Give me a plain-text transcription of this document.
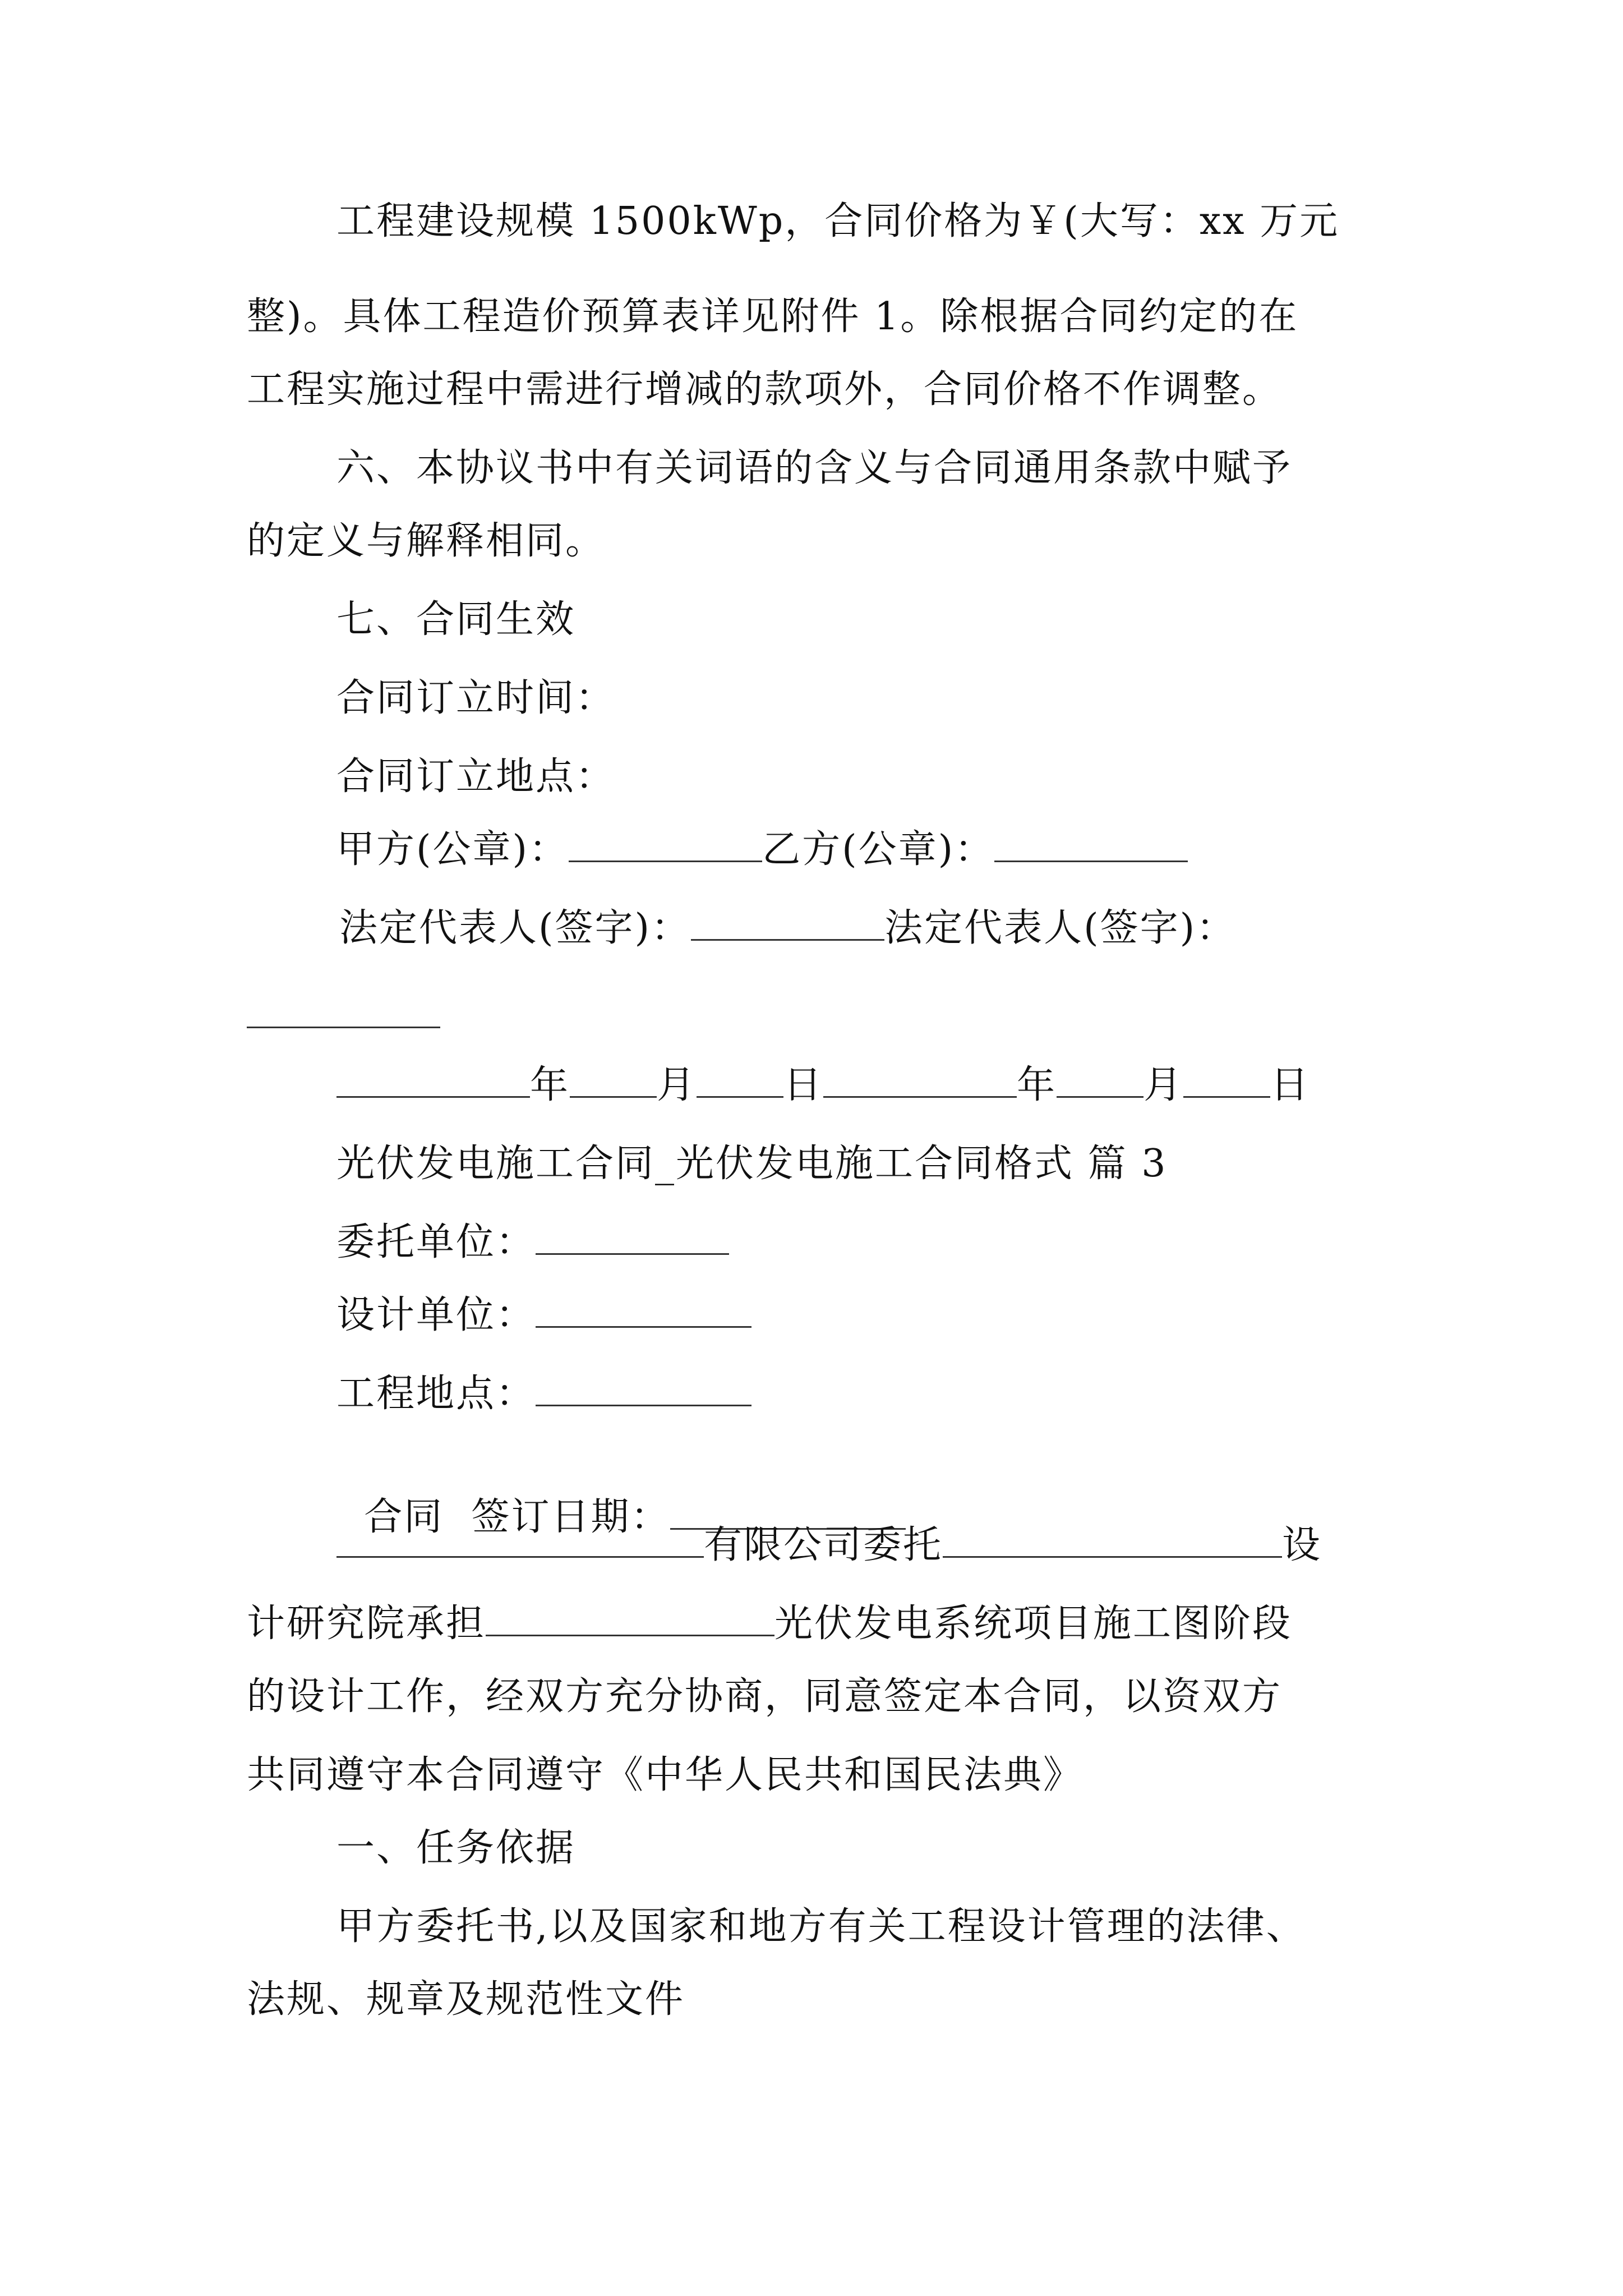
工程建设规模 1500kWp，合同价格为￥(大写：xx 万元
整)。具体工程造价预算表详见附件 1。除根据合同约定的在
工程实施过程中需进行增减的款项外，合同价格不作调整。
六、本协议书中有关词语的含义与合同通用条款中赋予
的定义与解释相同。
七、合同生效
合同订立时间：
合同订立地点：
甲方(公章)：	乙方(公章)：
法定代表人(签字)：	法定代表人(签字)：
年 月 日	年 月 日
光伏发电施工合同_光伏发电施工合同格式 篇 3
委托单位：
设计单位：
工程地点：

合同  签订日期：

有限公司委托	设
计研究院承担	光伏发电系统项目施工图阶段
的设计工作，经双方充分协商，同意签定本合同，以资双方
共同遵守本合同遵守《中华人民共和国民法典》
一、任务依据
甲方委托书,以及国家和地方有关工程设计管理的法律、
法规、规章及规范性文件
